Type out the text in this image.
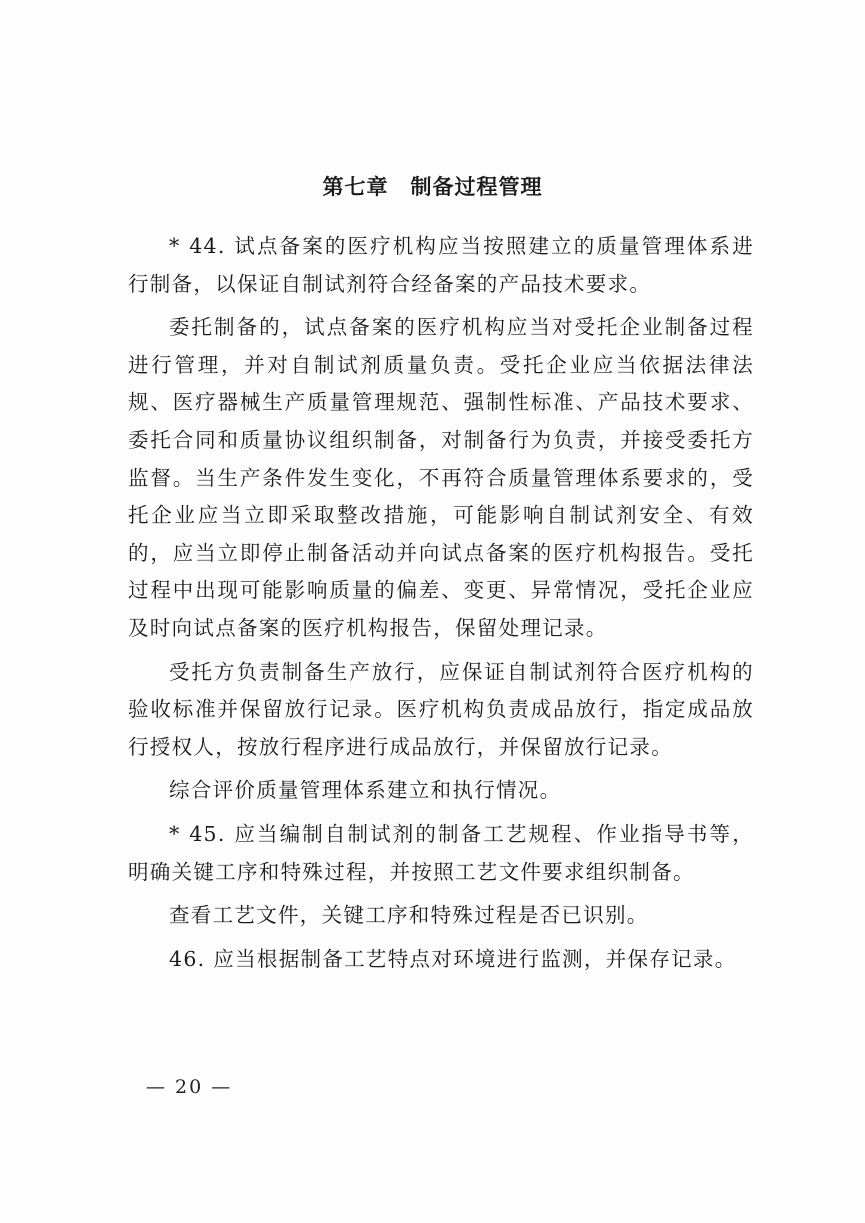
第七章 制备过程管理

* 44. 试点备案的医疗机构应当按照建立的质量管理体系进行制备，以保证自制试剂符合经备案的产品技术要求。

委托制备的，试点备案的医疗机构应当对受托企业制备过程进行管理，并对自制试剂质量负责。受托企业应当依据法律法规、医疗器械生产质量管理规范、强制性标准、产品技术要求、委托合同和质量协议组织制备，对制备行为负责，并接受委托方监督。当生产条件发生变化，不再符合质量管理体系要求的，受托企业应当立即采取整改措施，可能影响自制试剂安全、有效的，应当立即停止制备活动并向试点备案的医疗机构报告。受托过程中出现可能影响质量的偏差、变更、异常情况，受托企业应及时向试点备案的医疗机构报告，保留处理记录。

受托方负责制备生产放行，应保证自制试剂符合医疗机构的验收标准并保留放行记录。医疗机构负责成品放行，指定成品放行授权人，按放行程序进行成品放行，并保留放行记录。

综合评价质量管理体系建立和执行情况。

* 45. 应当编制自制试剂的制备工艺规程、作业指导书等，明确关键工序和特殊过程，并按照工艺文件要求组织制备。

查看工艺文件，关键工序和特殊过程是否已识别。

46. 应当根据制备工艺特点对环境进行监测，并保存记录。

— 20 —
